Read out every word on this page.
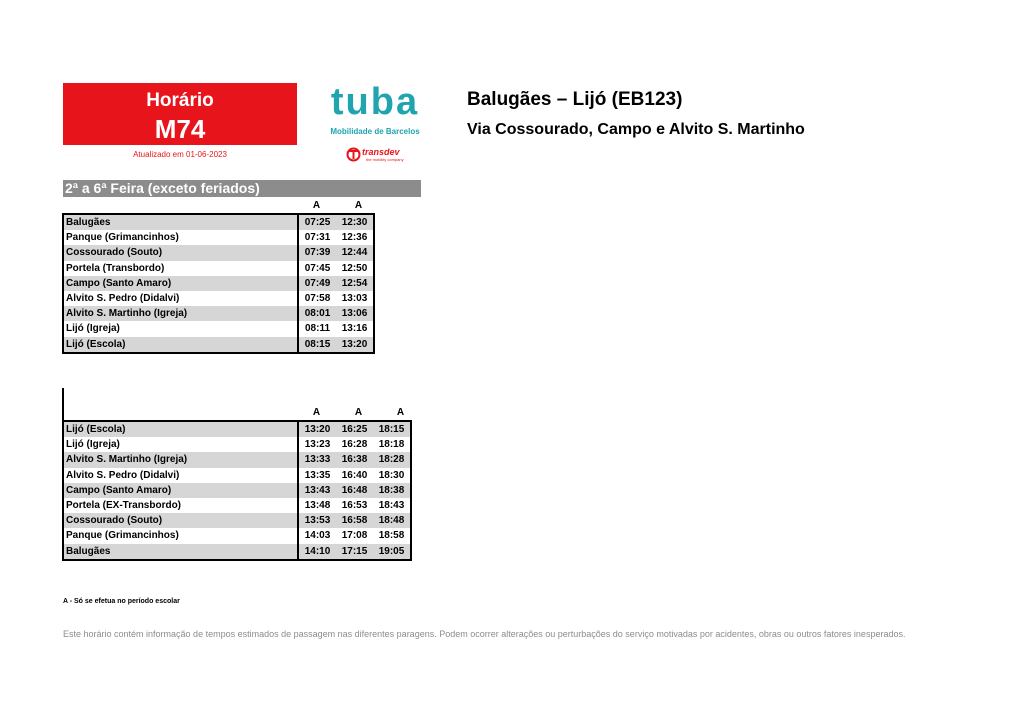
Horário
M74
Atualizado em 01-06-2023
tuba
Mobilidade de Barcelos
transdev
the mobility company
Balugães – Lijó (EB123)
Via Cossourado, Campo e Alvito S. Martinho
2ª a 6ª Feira (exceto feriados)
A	A
Balugães	07:25	12:30
Panque (Grimancinhos)	07:31	12:36
Cossourado (Souto)	07:39	12:44
Portela (Transbordo)	07:45	12:50
Campo (Santo Amaro)	07:49	12:54
Alvito S. Pedro (Didalvi)	07:58	13:03
Alvito S. Martinho (Igreja)	08:01	13:06
Lijó (Igreja)	08:11	13:16
Lijó (Escola)	08:15	13:20
A	A	A
Lijó (Escola)	13:20	16:25	18:15
Lijó (Igreja)	13:23	16:28	18:18
Alvito S. Martinho (Igreja)	13:33	16:38	18:28
Alvito S. Pedro (Didalvi)	13:35	16:40	18:30
Campo (Santo Amaro)	13:43	16:48	18:38
Portela (EX-Transbordo)	13:48	16:53	18:43
Cossourado (Souto)	13:53	16:58	18:48
Panque (Grimancinhos)	14:03	17:08	18:58
Balugães	14:10	17:15	19:05
A - Só se efetua no período escolar
Este horário contém informação de tempos estimados de passagem nas diferentes paragens. Podem ocorrer alterações ou perturbações do serviço motivadas por acidentes, obras ou outros fatores inesperados.
